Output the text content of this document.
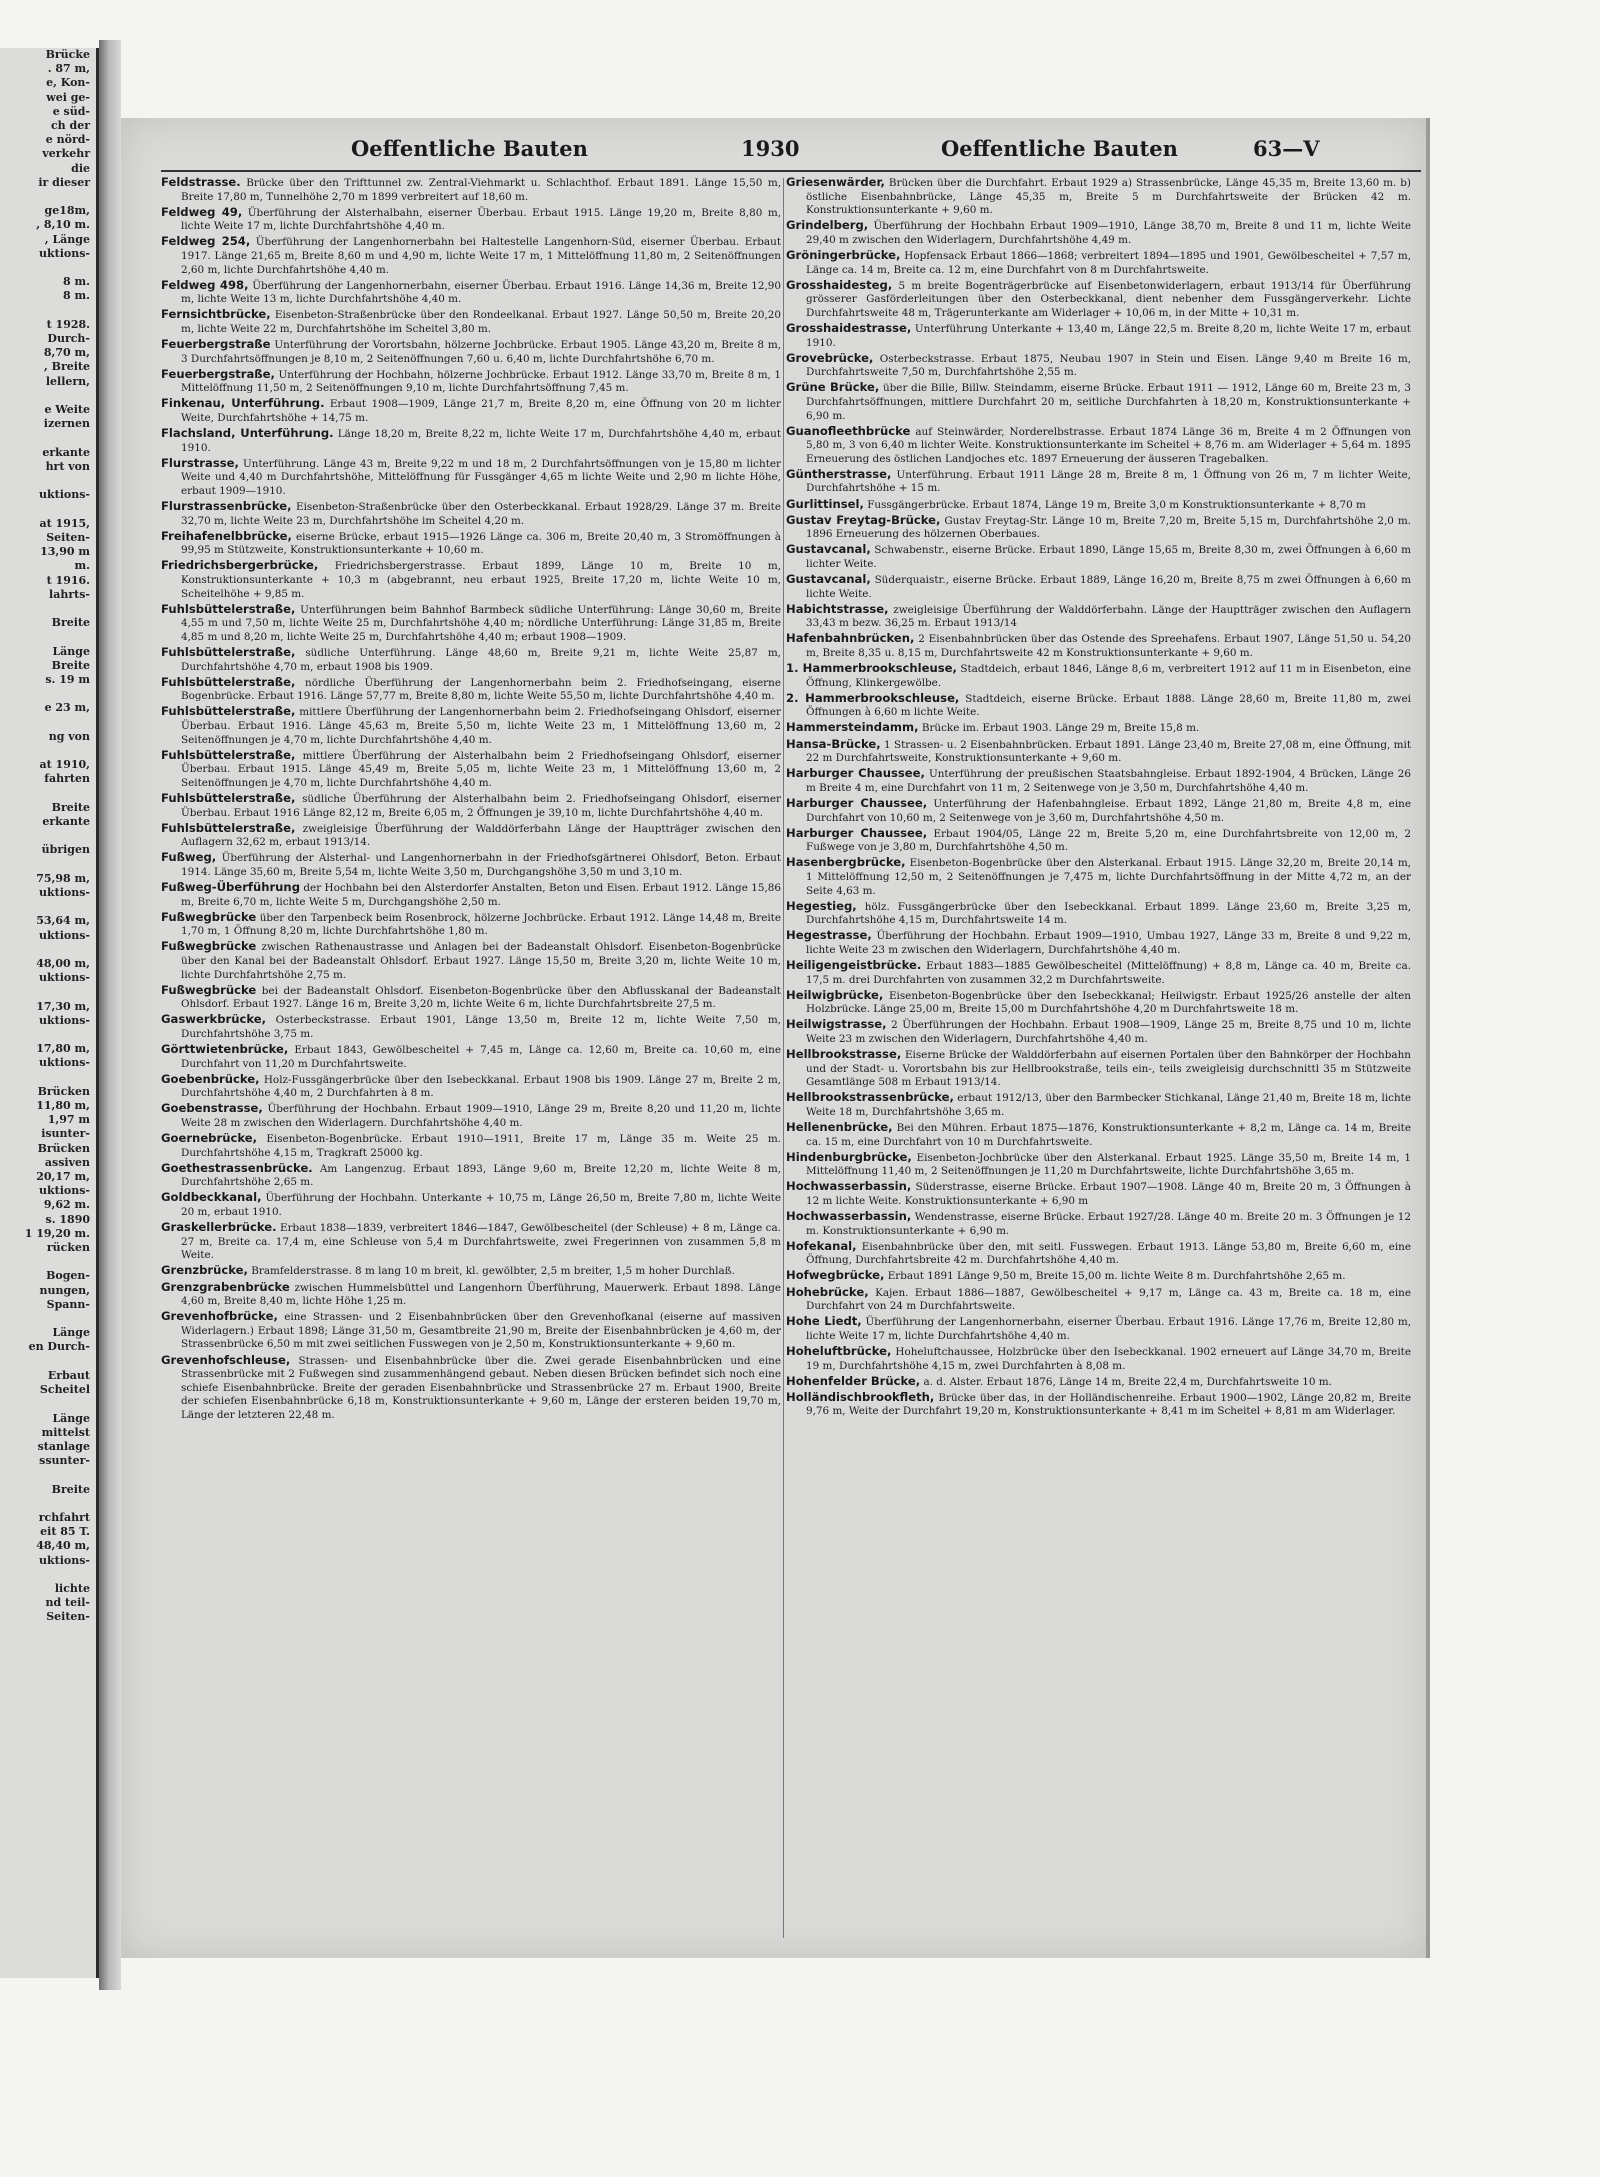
Brücke
. 87 m,
e, Kon-
wei ge-
e süd-
ch der
e nörd-
verkehr
die
ir dieser

ge18m,
, 8,10 m.
, Länge
uktions-

8 m.
8 m.

t 1928.
Durch-
8,70 m,
, Breite
lellern,

e Weite
izernen

erkante
hrt von

uktions-

at 1915,
Seiten-
13,90 m
m.
t 1916.
lahrts-

Breite

Länge
Breite
s. 19 m

e 23 m,

ng von

at 1910,
fahrten

Breite
erkante

übrigen

75,98 m,
uktions-

53,64 m,
uktions-

48,00 m,
uktions-

17,30 m,
uktions-

17,80 m,
uktions-

Brücken
11,80 m,
1,97 m
isunter-
Brücken
assiven
20,17 m,
uktions-
9,62 m.
s. 1890
1 19,20 m.
rücken

Bogen-
nungen,
Spann-

Länge
en Durch-

Erbaut
Scheitel

Länge
mittelst
stanlage
ssunter-

Breite

rchfahrt
eit 85 T.
48,40 m,
uktions-

lichte
nd teil-
Seiten-
Oeffentliche Bauten	1930	Oeffentliche Bauten	63—V

Feldstrasse. Brücke über den Trifttunnel zw. Zentral-Viehmarkt u. Schlachthof. Erbaut 1891. Länge 15,50 m, Breite 17,80 m, Tunnelhöhe 2,70 m 1899 verbreitert auf 18,60 m.

Feldweg 49, Überführung der Alsterhalbahn, eiserner Überbau. Erbaut 1915. Länge 19,20 m, Breite 8,80 m, lichte Weite 17 m, lichte Durchfahrtshöhe 4,40 m.

Feldweg 254, Überführung der Langenhornerbahn bei Haltestelle Langenhorn-Süd, eiserner Überbau. Erbaut 1917. Länge 21,65 m, Breite 8,60 m und 4,90 m, lichte Weite 17 m, 1 Mittelöffnung 11,80 m, 2 Seitenöffnungen 2,60 m, lichte Durchfahrtshöhe 4,40 m.

Feldweg 498, Überführung der Langenhornerbahn, eiserner Überbau. Erbaut 1916. Länge 14,36 m, Breite 12,90 m, lichte Weite 13 m, lichte Durchfahrtshöhe 4,40 m.

Fernsichtbrücke, Eisenbeton-Straßenbrücke über den Rondeelkanal. Erbaut 1927. Länge 50,50 m, Breite 20,20 m, lichte Weite 22 m, Durchfahrtshöhe im Scheitel 3,80 m.

Feuerbergstraße Unterführung der Vorortsbahn, hölzerne Jochbrücke. Erbaut 1905. Länge 43,20 m, Breite 8 m, 3 Durchfahrtsöffnungen je 8,10 m, 2 Seitenöffnungen 7,60 u. 6,40 m, lichte Durchfahrtshöhe 6,70 m.

Feuerbergstraße, Unterführung der Hochbahn, hölzerne Jochbrücke. Erbaut 1912. Länge 33,70 m, Breite 8 m, 1 Mittelöffnung 11,50 m, 2 Seitenöffnungen 9,10 m, lichte Durchfahrtsöffnung 7,45 m.

Finkenau, Unterführung. Erbaut 1908—1909, Länge 21,7 m, Breite 8,20 m, eine Öffnung von 20 m lichter Weite, Durchfahrtshöhe + 14,75 m.

Flachsland, Unterführung. Länge 18,20 m, Breite 8,22 m, lichte Weite 17 m, Durchfahrtshöhe 4,40 m, erbaut 1910.

Flurstrasse, Unterführung. Länge 43 m, Breite 9,22 m und 18 m, 2 Durchfahrtsöffnungen von je 15,80 m lichter Weite und 4,40 m Durchfahrtshöhe, Mittelöffnung für Fussgänger 4,65 m lichte Weite und 2,90 m lichte Höhe, erbaut 1909—1910.

Flurstrassenbrücke, Eisenbeton-Straßenbrücke über den Osterbeckkanal. Erbaut 1928/29. Länge 37 m. Breite 32,70 m, lichte Weite 23 m, Durchfahrtshöhe im Scheitel 4,20 m.

Freihafenelbbrücke, eiserne Brücke, erbaut 1915—1926 Länge ca. 306 m, Breite 20,40 m, 3 Stromöffnungen à 99,95 m Stützweite, Konstruktionsunterkante + 10,60 m.

Friedrichsbergerbrücke, Friedrichsbergerstrasse. Erbaut 1899, Länge 10 m, Breite 10 m, Konstruktionsunterkante + 10,3 m (abgebrannt, neu erbaut 1925, Breite 17,20 m, lichte Weite 10 m, Scheitelhöhe + 9,85 m.

Fuhlsbüttelerstraße, Unterführungen beim Bahnhof Barmbeck südliche Unterführung: Länge 30,60 m, Breite 4,55 m und 7,50 m, lichte Weite 25 m, Durchfahrtshöhe 4,40 m; nördliche Unterführung: Länge 31,85 m, Breite 4,85 m und 8,20 m, lichte Weite 25 m, Durchfahrtshöhe 4,40 m; erbaut 1908—1909.

Fuhlsbüttelerstraße, südliche Unterführung. Länge 48,60 m, Breite 9,21 m, lichte Weite 25,87 m, Durchfahrtshöhe 4,70 m, erbaut 1908 bis 1909.

Fuhlsbüttelerstraße, nördliche Überführung der Langenhornerbahn beim 2. Friedhofseingang, eiserne Bogenbrücke. Erbaut 1916. Länge 57,77 m, Breite 8,80 m, lichte Weite 55,50 m, lichte Durchfahrtshöhe 4,40 m.

Fuhlsbüttelerstraße, mittlere Überführung der Langenhornerbahn beim 2. Friedhofseingang Ohlsdorf, eiserner Überbau. Erbaut 1916. Länge 45,63 m, Breite 5,50 m, lichte Weite 23 m, 1 Mittelöffnung 13,60 m, 2 Seitenöffnungen je 4,70 m, lichte Durchfahrtshöhe 4,40 m.

Fuhlsbüttelerstraße, mittlere Überführung der Alsterhalbahn beim 2 Friedhofseingang Ohlsdorf, eiserner Überbau. Erbaut 1915. Länge 45,49 m, Breite 5,05 m, lichte Weite 23 m, 1 Mittelöffnung 13,60 m, 2 Seitenöffnungen je 4,70 m, lichte Durchfahrtshöhe 4,40 m.

Fuhlsbüttelerstraße, südliche Überführung der Alsterhalbahn beim 2. Friedhofseingang Ohlsdorf, eiserner Überbau. Erbaut 1916 Länge 82,12 m, Breite 6,05 m, 2 Öffnungen je 39,10 m, lichte Durchfahrtshöhe 4,40 m.

Fuhlsbüttelerstraße, zweigleisige Überführung der Walddörferbahn Länge der Hauptträger zwischen den Auflagern 32,62 m, erbaut 1913/14.

Fußweg, Überführung der Alsterhal- und Langenhornerbahn in der Friedhofsgärtnerei Ohlsdorf, Beton. Erbaut 1914. Länge 35,60 m, Breite 5,54 m, lichte Weite 3,50 m, Durchgangshöhe 3,50 m und 3,10 m.

Fußweg-Überführung der Hochbahn bei den Alsterdorfer Anstalten, Beton und Eisen. Erbaut 1912. Länge 15,86 m, Breite 6,70 m, lichte Weite 5 m, Durchgangshöhe 2,50 m.

Fußwegbrücke über den Tarpenbeck beim Rosenbrock, hölzerne Jochbrücke. Erbaut 1912. Länge 14,48 m, Breite 1,70 m, 1 Öffnung 8,20 m, lichte Durchfahrtshöhe 1,80 m.

Fußwegbrücke zwischen Rathenaustrasse und Anlagen bei der Badeanstalt Ohlsdorf. Eisenbeton-Bogenbrücke über den Kanal bei der Badeanstalt Ohlsdorf. Erbaut 1927. Länge 15,50 m, Breite 3,20 m, lichte Weite 10 m, lichte Durchfahrtshöhe 2,75 m.

Fußwegbrücke bei der Badeanstalt Ohlsdorf. Eisenbeton-Bogenbrücke über den Abflusskanal der Badeanstalt Ohlsdorf. Erbaut 1927. Länge 16 m, Breite 3,20 m, lichte Weite 6 m, lichte Durchfahrtsbreite 27,5 m.

Gaswerkbrücke, Osterbeckstrasse. Erbaut 1901, Länge 13,50 m, Breite 12 m, lichte Weite 7,50 m, Durchfahrtshöhe 3,75 m.

Görttwietenbrücke, Erbaut 1843, Gewölbescheitel + 7,45 m, Länge ca. 12,60 m, Breite ca. 10,60 m, eine Durchfahrt von 11,20 m Durchfahrtsweite.

Goebenbrücke, Holz-Fussgängerbrücke über den Isebeckkanal. Erbaut 1908 bis 1909. Länge 27 m, Breite 2 m, Durchfahrtshöhe 4,40 m, 2 Durchfahrten à 8 m.

Goebenstrasse, Überführung der Hochbahn. Erbaut 1909—1910, Länge 29 m, Breite 8,20 und 11,20 m, lichte Weite 28 m zwischen den Widerlagern. Durchfahrtshöhe 4,40 m.

Goernebrücke, Eisenbeton-Bogenbrücke. Erbaut 1910—1911, Breite 17 m, Länge 35 m. Weite 25 m. Durchfahrtshöhe 4,15 m, Tragkraft 25000 kg.

Goethestrassenbrücke. Am Langenzug. Erbaut 1893, Länge 9,60 m, Breite 12,20 m, lichte Weite 8 m, Durchfahrtshöhe 2,65 m.

Goldbeckkanal, Überführung der Hochbahn. Unterkante + 10,75 m, Länge 26,50 m, Breite 7,80 m, lichte Weite 20 m, erbaut 1910.

Graskellerbrücke. Erbaut 1838—1839, verbreitert 1846—1847, Gewölbescheitel (der Schleuse) + 8 m, Länge ca. 27 m, Breite ca. 17,4 m, eine Schleuse von 5,4 m Durchfahrtsweite, zwei Fregerinnen von zusammen 5,8 m Weite.

Grenzbrücke, Bramfelderstrasse. 8 m lang 10 m breit, kl. gewölbter, 2,5 m breiter, 1,5 m hoher Durchlaß.

Grenzgrabenbrücke zwischen Hummelsbüttel und Langenhorn Überführung, Mauerwerk. Erbaut 1898. Länge 4,60 m, Breite 8,40 m, lichte Höhe 1,25 m.

Grevenhofbrücke, eine Strassen- und 2 Eisenbahnbrücken über den Grevenhofkanal (eiserne auf massiven Widerlagern.) Erbaut 1898; Länge 31,50 m, Gesamtbreite 21,90 m, Breite der Eisenbahnbrücken je 4,60 m, der Strassenbrücke 6,50 m mit zwei seitlichen Fusswegen von je 2,50 m, Konstruktionsunterkante + 9,60 m.

Grevenhofschleuse, Strassen- und Eisenbahnbrücke über die. Zwei gerade Eisenbahnbrücken und eine Strassenbrücke mit 2 Fußwegen sind zusammenhängend gebaut. Neben diesen Brücken befindet sich noch eine schiefe Eisenbahnbrücke. Breite der geraden Eisenbahnbrücke und Strassenbrücke 27 m. Erbaut 1900, Breite der schiefen Eisenbahnbrücke 6,18 m, Konstruktionsunterkante + 9,60 m, Länge der ersteren beiden 19,70 m, Länge der letzteren 22,48 m.

Griesenwärder, Brücken über die Durchfahrt. Erbaut 1929 a) Strassenbrücke, Länge 45,35 m, Breite 13,60 m. b) östliche Eisenbahnbrücke, Länge 45,35 m, Breite 5 m Durchfahrtsweite der Brücken 42 m. Konstruktionsunterkante + 9,60 m.

Grindelberg, Überführung der Hochbahn Erbaut 1909—1910, Länge 38,70 m, Breite 8 und 11 m, lichte Weite 29,40 m zwischen den Widerlagern, Durchfahrtshöhe 4,49 m.

Gröningerbrücke, Hopfensack Erbaut 1866—1868; verbreitert 1894—1895 und 1901, Gewölbescheitel + 7,57 m, Länge ca. 14 m, Breite ca. 12 m, eine Durchfahrt von 8 m Durchfahrtsweite.

Grosshaidesteg, 5 m breite Bogenträgerbrücke auf Eisenbetonwiderlagern, erbaut 1913/14 für Überführung grösserer Gasförderleitungen über den Osterbeckkanal, dient nebenher dem Fussgängerverkehr. Lichte Durchfahrtsweite 48 m, Trägerunterkante am Widerlager + 10,06 m, in der Mitte + 10,31 m.

Grosshaidestrasse, Unterführung Unterkante + 13,40 m, Länge 22,5 m. Breite 8,20 m, lichte Weite 17 m, erbaut 1910.

Grovebrücke, Osterbeckstrasse. Erbaut 1875, Neubau 1907 in Stein und Eisen. Länge 9,40 m Breite 16 m, Durchfahrtsweite 7,50 m, Durchfahrtshöhe 2,55 m.

Grüne Brücke, über die Bille, Billw. Steindamm, eiserne Brücke. Erbaut 1911 — 1912, Länge 60 m, Breite 23 m, 3 Durchfahrtsöffnungen, mittlere Durchfahrt 20 m, seitliche Durchfahrten à 18,20 m, Konstruktionsunterkante + 6,90 m.

Guanofleethbrücke auf Steinwärder, Norderelbstrasse. Erbaut 1874 Länge 36 m, Breite 4 m 2 Öffnungen von 5,80 m, 3 von 6,40 m lichter Weite. Konstruktionsunterkante im Scheitel + 8,76 m. am Widerlager + 5,64 m. 1895 Erneuerung des östlichen Landjoches etc. 1897 Erneuerung der äusseren Tragebalken.

Güntherstrasse, Unterführung. Erbaut 1911 Länge 28 m, Breite 8 m, 1 Öffnung von 26 m, 7 m lichter Weite, Durchfahrtshöhe + 15 m.

Gurlittinsel, Fussgängerbrücke. Erbaut 1874, Länge 19 m, Breite 3,0 m Konstruktionsunterkante + 8,70 m

Gustav Freytag-Brücke, Gustav Freytag-Str. Länge 10 m, Breite 7,20 m, Breite 5,15 m, Durchfahrtshöhe 2,0 m. 1896 Erneuerung des hölzernen Oberbaues.

Gustavcanal, Schwabenstr., eiserne Brücke. Erbaut 1890, Länge 15,65 m, Breite 8,30 m, zwei Öffnungen à 6,60 m lichter Weite.

Gustavcanal, Süderquaistr., eiserne Brücke. Erbaut 1889, Länge 16,20 m, Breite 8,75 m zwei Öffnungen à 6,60 m lichte Weite.

Habichtstrasse, zweigleisige Überführung der Walddörferbahn. Länge der Hauptträger zwischen den Auflagern 33,43 m bezw. 36,25 m. Erbaut 1913/14

Hafenbahnbrücken, 2 Eisenbahnbrücken über das Ostende des Spreehafens. Erbaut 1907, Länge 51,50 u. 54,20 m, Breite 8,35 u. 8,15 m, Durchfahrtsweite 42 m Konstruktionsunterkante + 9,60 m.

1. Hammerbrookschleuse, Stadtdeich, erbaut 1846, Länge 8,6 m, verbreitert 1912 auf 11 m in Eisenbeton, eine Öffnung, Klinkergewölbe.

2. Hammerbrookschleuse, Stadtdeich, eiserne Brücke. Erbaut 1888. Länge 28,60 m, Breite 11,80 m, zwei Öffnungen à 6,60 m lichte Weite.

Hammersteindamm, Brücke im. Erbaut 1903. Länge 29 m, Breite 15,8 m.

Hansa-Brücke, 1 Strassen- u. 2 Eisenbahnbrücken. Erbaut 1891. Länge 23,40 m, Breite 27,08 m, eine Öffnung, mit 22 m Durchfahrtsweite, Konstruktionsunterkante + 9,60 m.

Harburger Chaussee, Unterführung der preußischen Staatsbahngleise. Erbaut 1892-1904, 4 Brücken, Länge 26 m Breite 4 m, eine Durchfahrt von 11 m, 2 Seitenwege von je 3,50 m, Durchfahrtshöhe 4,40 m.

Harburger Chaussee, Unterführung der Hafenbahngleise. Erbaut 1892, Länge 21,80 m, Breite 4,8 m, eine Durchfahrt von 10,60 m, 2 Seitenwege von je 3,60 m, Durchfahrtshöhe 4,50 m.

Harburger Chaussee, Erbaut 1904/05, Länge 22 m, Breite 5,20 m, eine Durchfahrtsbreite von 12,00 m, 2 Fußwege von je 3,80 m, Durchfahrtshöhe 4,50 m.

Hasenbergbrücke, Eisenbeton-Bogenbrücke über den Alsterkanal. Erbaut 1915. Länge 32,20 m, Breite 20,14 m, 1 Mittelöffnung 12,50 m, 2 Seitenöffnungen je 7,475 m, lichte Durchfahrtsöffnung in der Mitte 4,72 m, an der Seite 4,63 m.

Hegestieg, hölz. Fussgängerbrücke über den Isebeckkanal. Erbaut 1899. Länge 23,60 m, Breite 3,25 m, Durchfahrtshöhe 4,15 m, Durchfahrtsweite 14 m.

Hegestrasse, Überführung der Hochbahn. Erbaut 1909—1910, Umbau 1927, Länge 33 m, Breite 8 und 9,22 m, lichte Weite 23 m zwischen den Widerlagern, Durchfahrtshöhe 4,40 m.

Heiligengeistbrücke. Erbaut 1883—1885 Gewölbescheitel (Mittelöffnung) + 8,8 m, Länge ca. 40 m, Breite ca. 17,5 m. drei Durchfahrten von zusammen 32,2 m Durchfahrtsweite.

Heilwigbrücke, Eisenbeton-Bogenbrücke über den Isebeckkanal; Heilwigstr. Erbaut 1925/26 anstelle der alten Holzbrücke. Länge 25,00 m, Breite 15,00 m Durchfahrtshöhe 4,20 m Durchfahrtsweite 18 m.

Heilwigstrasse, 2 Überführungen der Hochbahn. Erbaut 1908—1909, Länge 25 m, Breite 8,75 und 10 m, lichte Weite 23 m zwischen den Widerlagern, Durchfahrtshöhe 4,40 m.

Hellbrookstrasse, Eiserne Brücke der Walddörferbahn auf eisernen Portalen über den Bahnkörper der Hochbahn und der Stadt- u. Vorortsbahn bis zur Hellbrookstraße, teils ein-, teils zweigleisig durchschnittl 35 m Stützweite Gesamtlänge 508 m Erbaut 1913/14.

Hellbrookstrassenbrücke, erbaut 1912/13, über den Barmbecker Stichkanal, Länge 21,40 m, Breite 18 m, lichte Weite 18 m, Durchfahrtshöhe 3,65 m.

Hellenenbrücke, Bei den Mühren. Erbaut 1875—1876, Konstruktionsunterkante + 8,2 m, Länge ca. 14 m, Breite ca. 15 m, eine Durchfahrt von 10 m Durchfahrtsweite.

Hindenburgbrücke, Eisenbeton-Jochbrücke über den Alsterkanal. Erbaut 1925. Länge 35,50 m, Breite 14 m, 1 Mittelöffnung 11,40 m, 2 Seitenöffnungen je 11,20 m Durchfahrtsweite, lichte Durchfahrtshöhe 3,65 m.

Hochwasserbassin, Süderstrasse, eiserne Brücke. Erbaut 1907—1908. Länge 40 m, Breite 20 m, 3 Öffnungen à 12 m lichte Weite. Konstruktionsunterkante + 6,90 m

Hochwasserbassin, Wendenstrasse, eiserne Brücke. Erbaut 1927/28. Länge 40 m. Breite 20 m. 3 Öffnungen je 12 m. Konstruktionsunterkante + 6,90 m.

Hofekanal, Eisenbahnbrücke über den, mit seitl. Fusswegen. Erbaut 1913. Länge 53,80 m, Breite 6,60 m, eine Öffnung, Durchfahrtsbreite 42 m. Durchfahrtshöhe 4,40 m.

Hofwegbrücke, Erbaut 1891 Länge 9,50 m, Breite 15,00 m. lichte Weite 8 m. Durchfahrtshöhe 2,65 m.

Hohebrücke, Kajen. Erbaut 1886—1887, Gewölbescheitel + 9,17 m, Länge ca. 43 m, Breite ca. 18 m, eine Durchfahrt von 24 m Durchfahrtsweite.

Hohe Liedt, Überführung der Langenhornerbahn, eiserner Überbau. Erbaut 1916. Länge 17,76 m, Breite 12,80 m, lichte Weite 17 m, lichte Durchfahrtshöhe 4,40 m.

Hoheluftbrücke, Hoheluftchaussee, Holzbrücke über den Isebeckkanal. 1902 erneuert auf Länge 34,70 m, Breite 19 m, Durchfahrtshöhe 4,15 m, zwei Durchfahrten à 8,08 m.

Hohenfelder Brücke, a. d. Alster. Erbaut 1876, Länge 14 m, Breite 22,4 m, Durchfahrtsweite 10 m.

Holländischbrookfleth, Brücke über das, in der Holländischenreihe. Erbaut 1900—1902, Länge 20,82 m, Breite 9,76 m, Weite der Durchfahrt 19,20 m, Konstruktionsunterkante + 8,41 m im Scheitel + 8,81 m am Widerlager.
